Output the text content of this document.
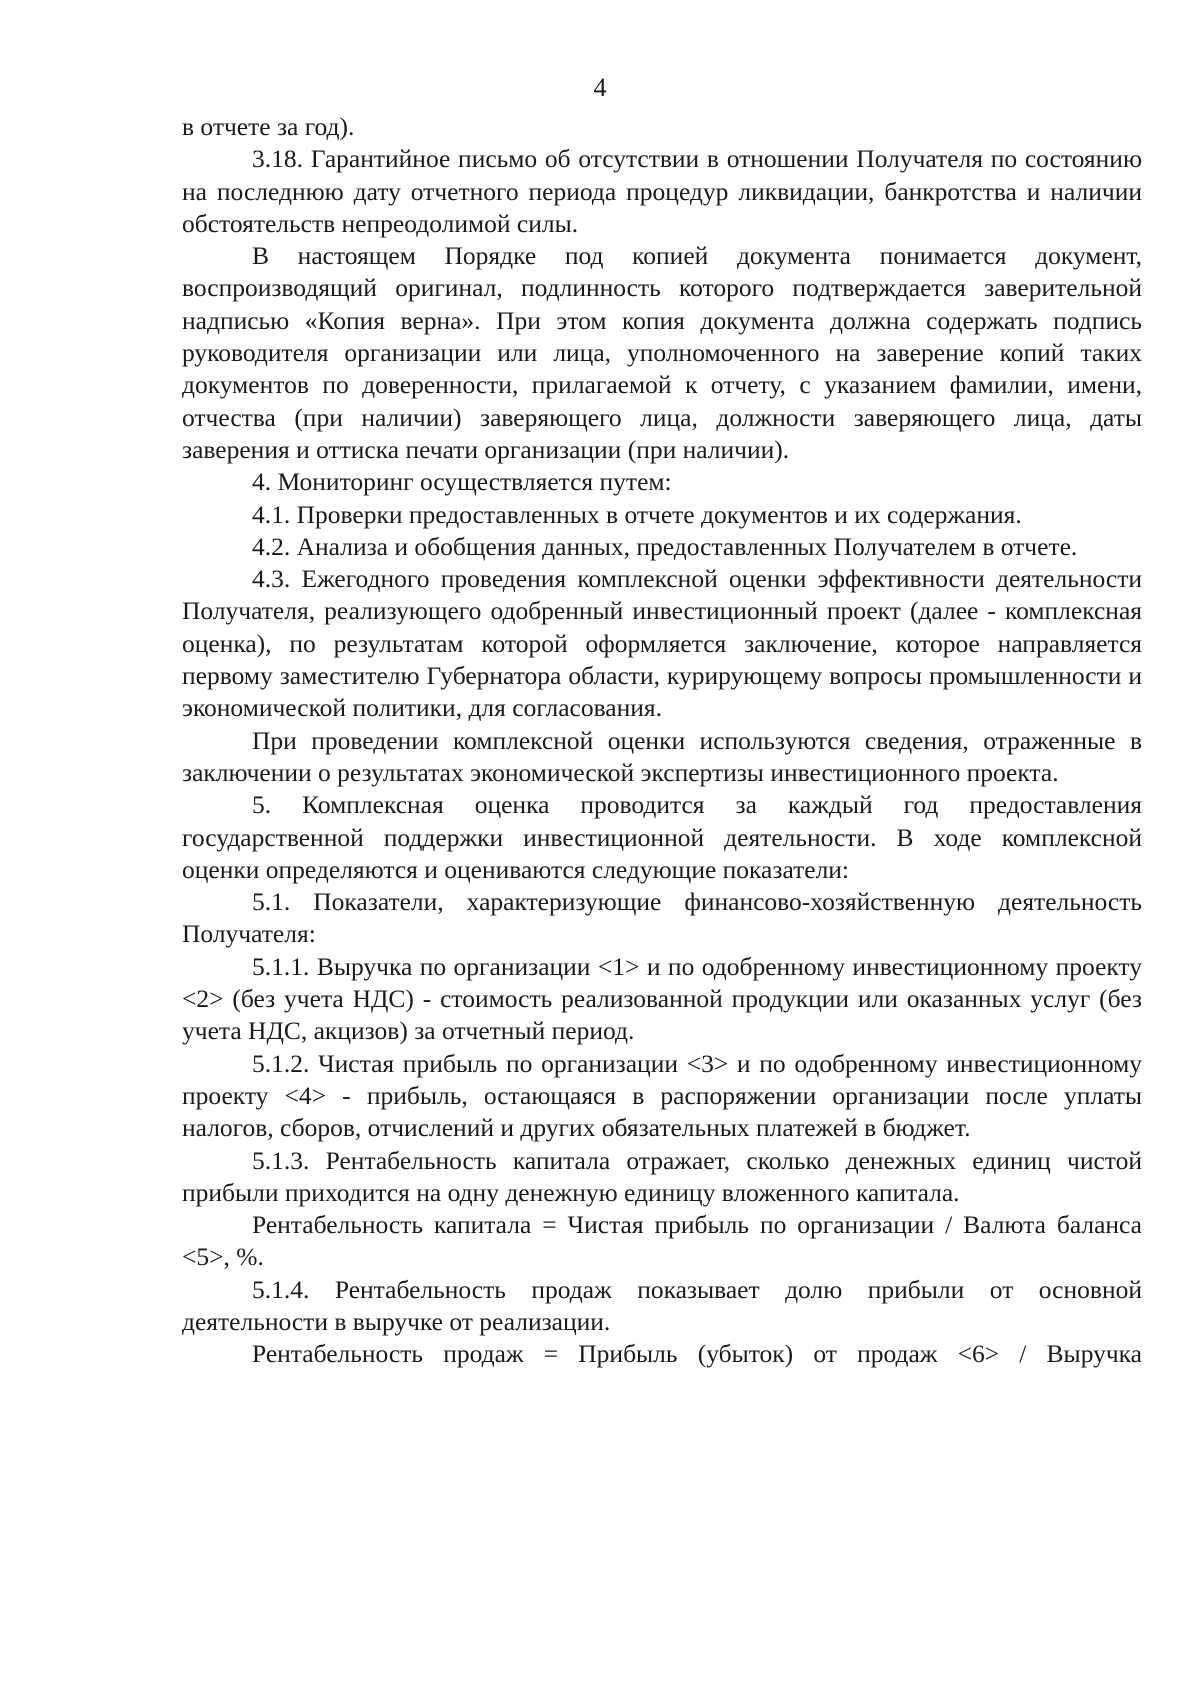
4

в отчете за год).

3.18. Гарантийное письмо об отсутствии в отношении Получателя по состоянию на последнюю дату отчетного периода процедур ликвидации, банкротства и наличии обстоятельств непреодолимой силы.

В настоящем Порядке под копией документа понимается документ, воспроизводящий оригинал, подлинность которого подтверждается заверительной надписью «Копия верна». При этом копия документа должна содержать подпись руководителя организации или лица, уполномоченного на заверение копий таких документов по доверенности, прилагаемой к отчету, с указанием фамилии, имени, отчества (при наличии) заверяющего лица, должности заверяющего лица, даты заверения и оттиска печати организации (при наличии).

4. Мониторинг осуществляется путем:

4.1. Проверки предоставленных в отчете документов и их содержания.

4.2. Анализа и обобщения данных, предоставленных Получателем в отчете.

4.3. Ежегодного проведения комплексной оценки эффективности деятельности Получателя, реализующего одобренный инвестиционный проект (далее - комплексная оценка), по результатам которой оформляется заключение, которое направляется первому заместителю Губернатора области, курирующему вопросы промышленности и экономической политики, для согласования.

При проведении комплексной оценки используются сведения, отраженные в заключении о результатах экономической экспертизы инвестиционного проекта.

5. Комплексная оценка проводится за каждый год предоставления государственной поддержки инвестиционной деятельности. В ходе комплексной оценки определяются и оцениваются следующие показатели:

5.1. Показатели, характеризующие финансово-хозяйственную деятельность Получателя:

5.1.1. Выручка по организации <1> и по одобренному инвестиционному проекту <2> (без учета НДС) - стоимость реализованной продукции или оказанных услуг (без учета НДС, акцизов) за отчетный период.

5.1.2. Чистая прибыль по организации <3> и по одобренному инвестиционному проекту <4> - прибыль, остающаяся в распоряжении организации после уплаты налогов, сборов, отчислений и других обязательных платежей в бюджет.

5.1.3. Рентабельность капитала отражает, сколько денежных единиц чистой прибыли приходится на одну денежную единицу вложенного капитала.

Рентабельность капитала = Чистая прибыль по организации / Валюта баланса <5>, %.

5.1.4. Рентабельность продаж показывает долю прибыли от основной деятельности в выручке от реализации.

Рентабельность продаж = Прибыль (убыток) от продаж <6> / Выручка
